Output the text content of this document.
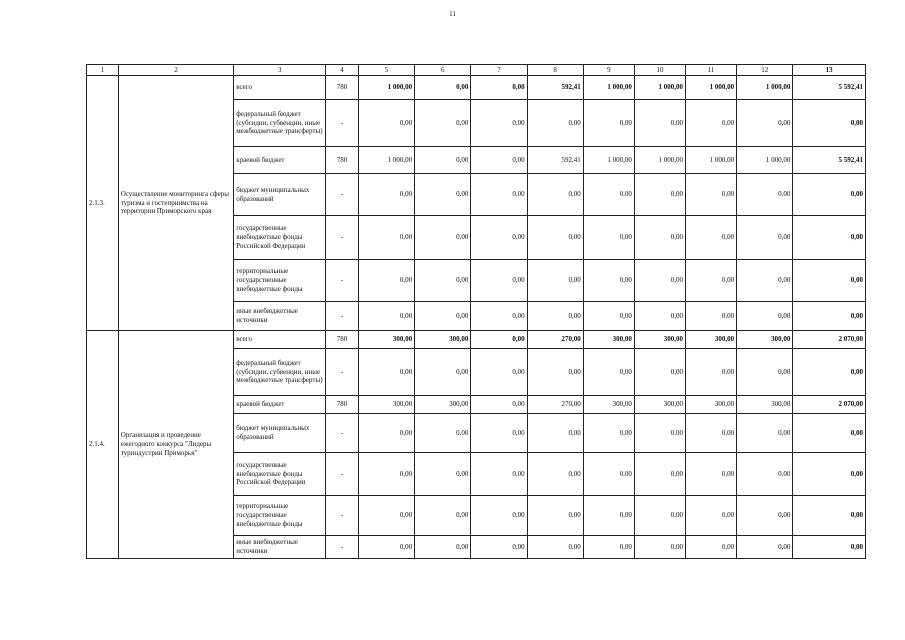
11
1	2	3	4	5	6	7	8	9	10	11	12	13
2.1.3.	Осуществление мониторинга сферы туризма и гостеприимства на территории Приморского края	всего	780	1 000,00	0,00	0,00	592,41	1 000,00	1 000,00	1 000,00	1 000,00	5 592,41
		федеральный бюджет (субсидии, субвенции, иные межбюджетные трансферты)	-	0,00	0,00	0,00	0,00	0,00	0,00	0,00	0,00	0,00
		краевой бюджет	780	1 000,00	0,00	0,00	592,41	1 000,00	1 000,00	1 000,00	1 000,00	5 592,41
		бюджет муниципальных образований	-	0,00	0,00	0,00	0,00	0,00	0,00	0,00	0,00	0,00
		государственные внебюджетные фонды Российской Федерации	-	0,00	0,00	0,00	0,00	0,00	0,00	0,00	0,00	0,00
		территориальные государственные внебюджетные фонды	-	0,00	0,00	0,00	0,00	0,00	0,00	0,00	0,00	0,00
		иные внебюджетные источники	-	0,00	0,00	0,00	0,00	0,00	0,00	0,00	0,00	0,00
2.1.4.	Организация и проведение ежегодного конкурса "Лидеры туриндустрии Приморья"	всего	780	300,00	300,00	0,00	270,00	300,00	300,00	300,00	300,00	2 070,00
		федеральный бюджет (субсидии, субвенции, иные межбюджетные трансферты)	-	0,00	0,00	0,00	0,00	0,00	0,00	0,00	0,00	0,00
		краевой бюджет	780	300,00	300,00	0,00	270,00	300,00	300,00	300,00	300,00	2 070,00
		бюджет муниципальных образований	-	0,00	0,00	0,00	0,00	0,00	0,00	0,00	0,00	0,00
		государственные внебюджетные фонды Российской Федерации	-	0,00	0,00	0,00	0,00	0,00	0,00	0,00	0,00	0,00
		территориальные государственные внебюджетные фонды	-	0,00	0,00	0,00	0,00	0,00	0,00	0,00	0,00	0,00
		иные внебюджетные источники	-	0,00	0,00	0,00	0,00	0,00	0,00	0,00	0,00	0,00
